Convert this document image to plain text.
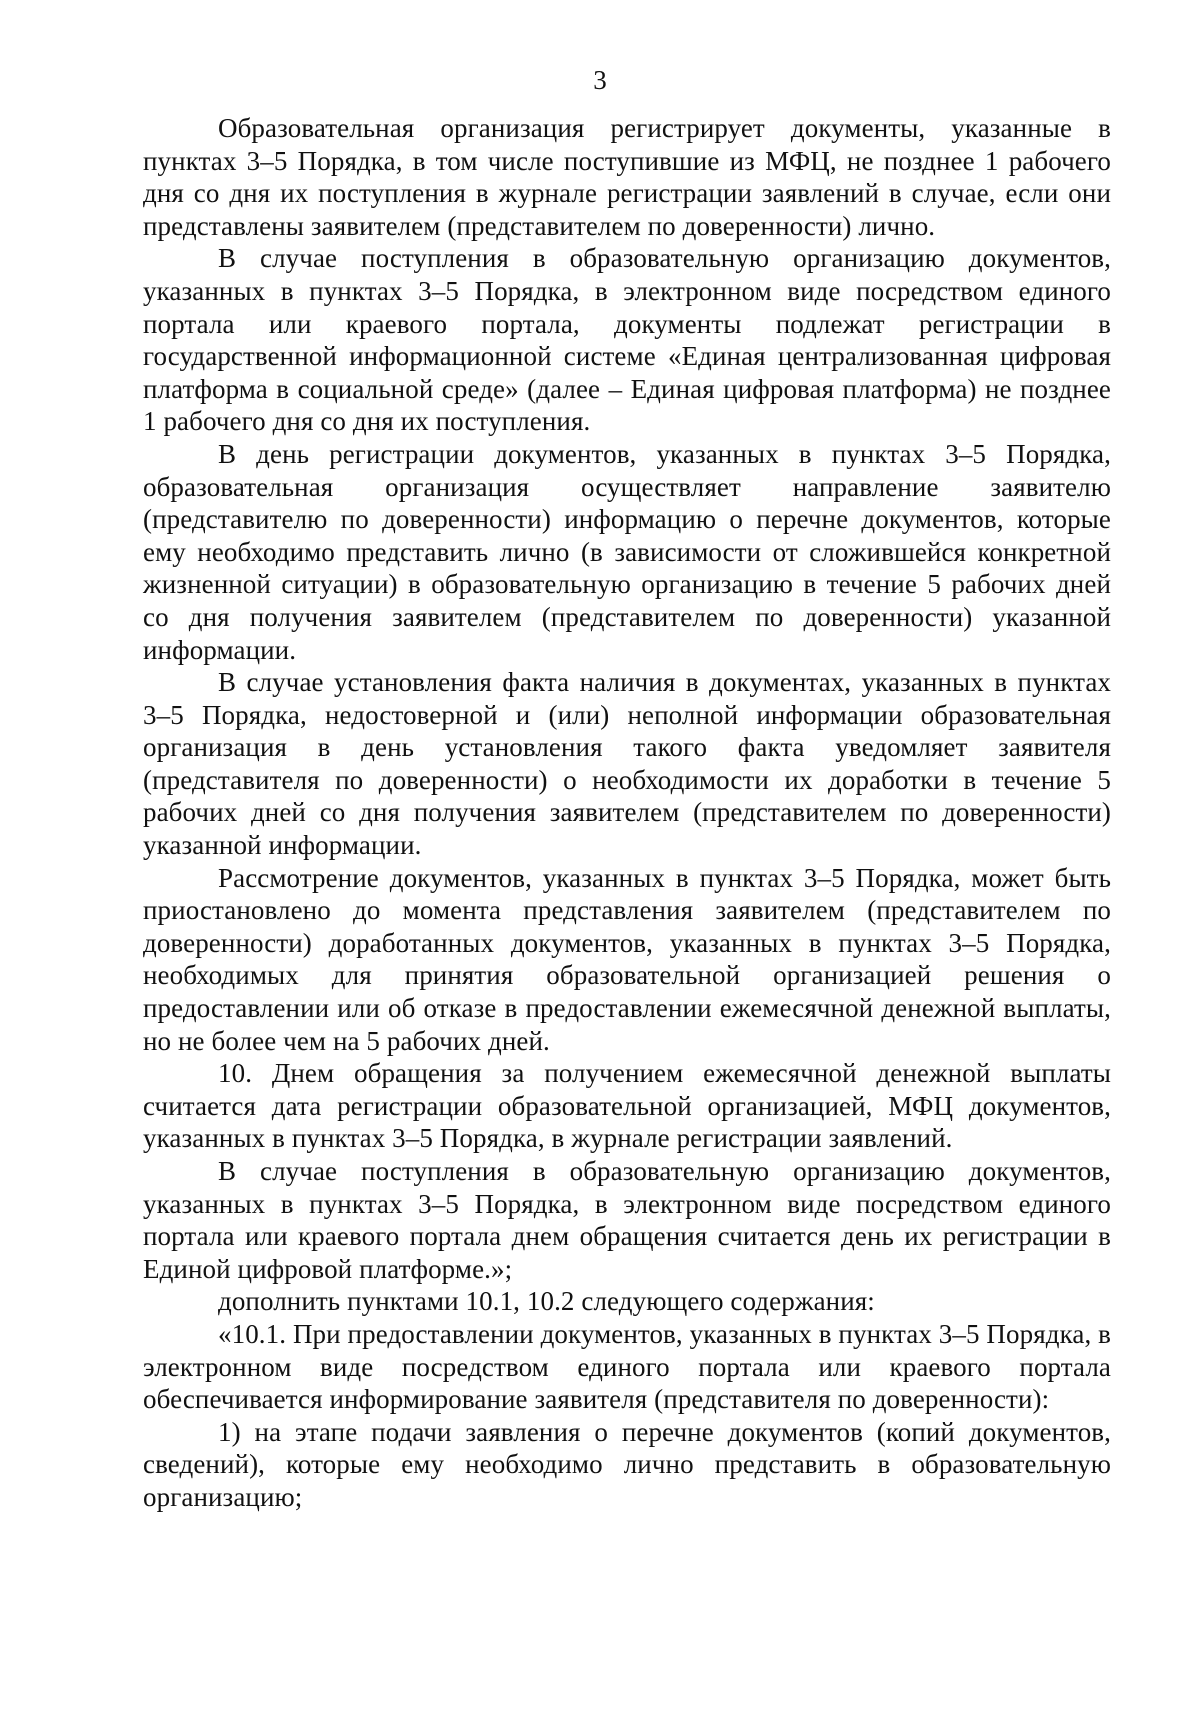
3

Образовательная организация регистрирует документы, указанные в пунктах 3–5 Порядка, в том числе поступившие из МФЦ, не позднее 1 рабочего дня со дня их поступления в журнале регистрации заявлений в случае, если они представлены заявителем (представителем по доверенности) лично.

В случае поступления в образовательную организацию документов, указанных в пунктах 3–5 Порядка, в электронном виде посредством единого портала или краевого портала, документы подлежат регистрации в государственной информационной системе «Единая централизованная цифровая платформа в социальной среде» (далее – Единая цифровая платформа) не позднее 1 рабочего дня со дня их поступления.

В день регистрации документов, указанных в пунктах 3–5 Порядка, образовательная организация осуществляет направление заявителю (представителю по доверенности) информацию о перечне документов, которые ему необходимо представить лично (в зависимости от сложившейся конкретной жизненной ситуации) в образовательную организацию в течение 5 рабочих дней со дня получения заявителем (представителем по доверенности) указанной информации.

В случае установления факта наличия в документах, указанных в пунктах 3–5 Порядка, недостоверной и (или) неполной информации образовательная организация в день установления такого факта уведомляет заявителя (представителя по доверенности) о необходимости их доработки в течение 5 рабочих дней со дня получения заявителем (представителем по доверенности) указанной информации.

Рассмотрение документов, указанных в пунктах 3–5 Порядка, может быть приостановлено до момента представления заявителем (представителем по доверенности) доработанных документов, указанных в пунктах 3–5 Порядка, необходимых для принятия образовательной организацией решения о предоставлении или об отказе в предоставлении ежемесячной денежной выплаты, но не более чем на 5 рабочих дней.

10. Днем обращения за получением ежемесячной денежной выплаты считается дата регистрации образовательной организацией, МФЦ документов, указанных в пунктах 3–5 Порядка, в журнале регистрации заявлений.

В случае поступления в образовательную организацию документов, указанных в пунктах 3–5 Порядка, в электронном виде посредством единого портала или краевого портала днем обращения считается день их регистрации в Единой цифровой платформе.»;

дополнить пунктами 10.1, 10.2 следующего содержания:

«10.1. При предоставлении документов, указанных в пунктах 3–5 Порядка, в электронном виде посредством единого портала или краевого портала обеспечивается информирование заявителя (представителя по доверенности):

1) на этапе подачи заявления о перечне документов (копий документов, сведений), которые ему необходимо лично представить в образовательную организацию;
